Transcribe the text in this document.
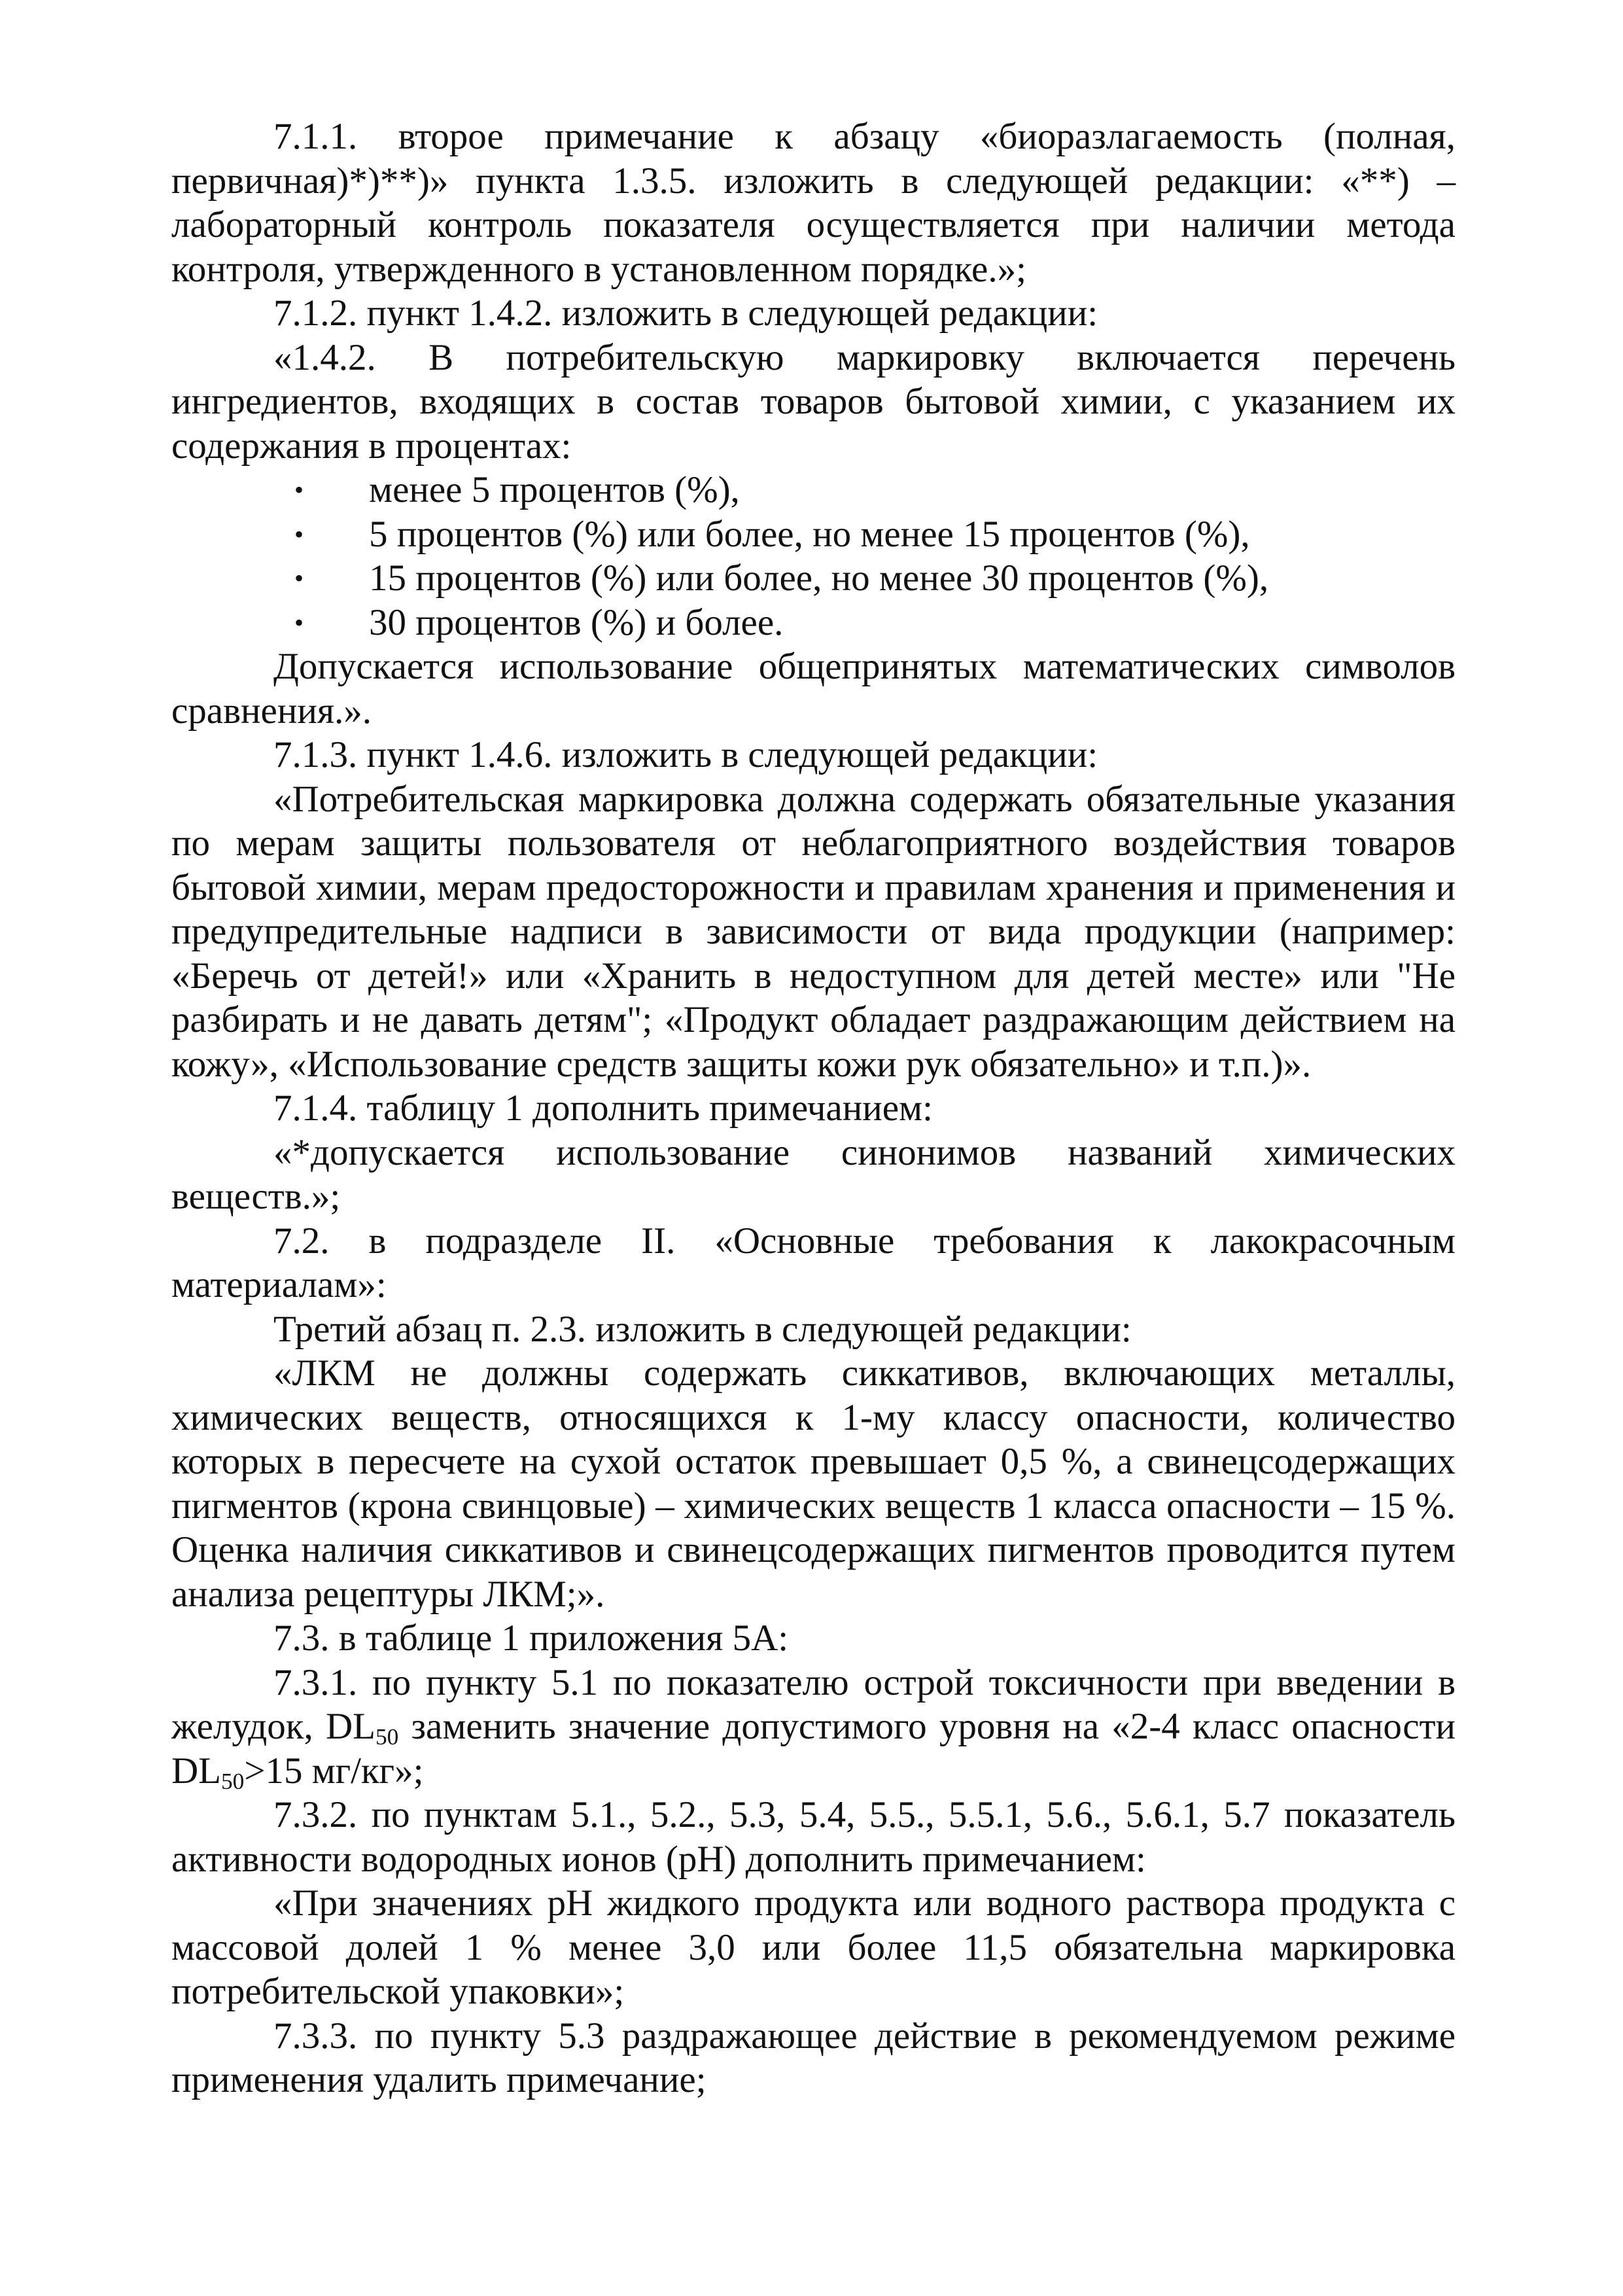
7.1.1. второе примечание к абзацу «биоразлагаемость (полная, первичная)*)**)» пункта 1.3.5. изложить в следующей редакции: «**) – лабораторный контроль показателя осуществляется при наличии метода контроля, утвержденного в установленном порядке.»;

7.1.2. пункт 1.4.2. изложить в следующей редакции:

«1.4.2. В потребительскую маркировку включается перечень ингредиентов, входящих в состав товаров бытовой химии, с указанием их содержания в процентах:

• менее 5 процентов (%),
• 5 процентов (%) или более, но менее 15 процентов (%),
• 15 процентов (%) или более, но менее 30 процентов (%),
• 30 процентов (%) и более.

Допускается использование общепринятых математических символов сравнения.».

7.1.3. пункт 1.4.6. изложить в следующей редакции:

«Потребительская маркировка должна содержать обязательные указания по мерам защиты пользователя от неблагоприятного воздействия товаров бытовой химии, мерам предосторожности и правилам хранения и применения и предупредительные надписи в зависимости от вида продукции (например: «Беречь от детей!» или «Хранить в недоступном для детей месте» или "Не разбирать и не давать детям"; «Продукт обладает раздражающим действием на кожу», «Использование средств защиты кожи рук обязательно» и т.п.)».

7.1.4. таблицу 1 дополнить примечанием:

«*допускается использование синонимов названий химических веществ.»;

7.2. в подразделе II. «Основные требования к лакокрасочным материалам»:

Третий абзац п. 2.3. изложить в следующей редакции:

«ЛКМ не должны содержать сиккативов, включающих металлы, химических веществ, относящихся к 1-му классу опасности, количество которых в пересчете на сухой остаток превышает 0,5 %, а свинецсодержащих пигментов (крона свинцовые) – химических веществ 1 класса опасности – 15 %. Оценка наличия сиккативов и свинецсодержащих пигментов проводится путем анализа рецептуры ЛКМ;».

7.3. в таблице 1 приложения 5А:

7.3.1. по пункту 5.1 по показателю острой токсичности при введении в желудок, $DL_{50}$ заменить значение допустимого уровня на «2-4 класс опасности $DL_{50}>15$ мг/кг»;

7.3.2. по пунктам 5.1., 5.2., 5.3, 5.4, 5.5., 5.5.1, 5.6., 5.6.1, 5.7 показатель активности водородных ионов (pH) дополнить примечанием:

«При значениях pH жидкого продукта или водного раствора продукта с массовой долей 1 % менее 3,0 или более 11,5 обязательна маркировка потребительской упаковки»;

7.3.3. по пункту 5.3 раздражающее действие в рекомендуемом режиме применения удалить примечание;
